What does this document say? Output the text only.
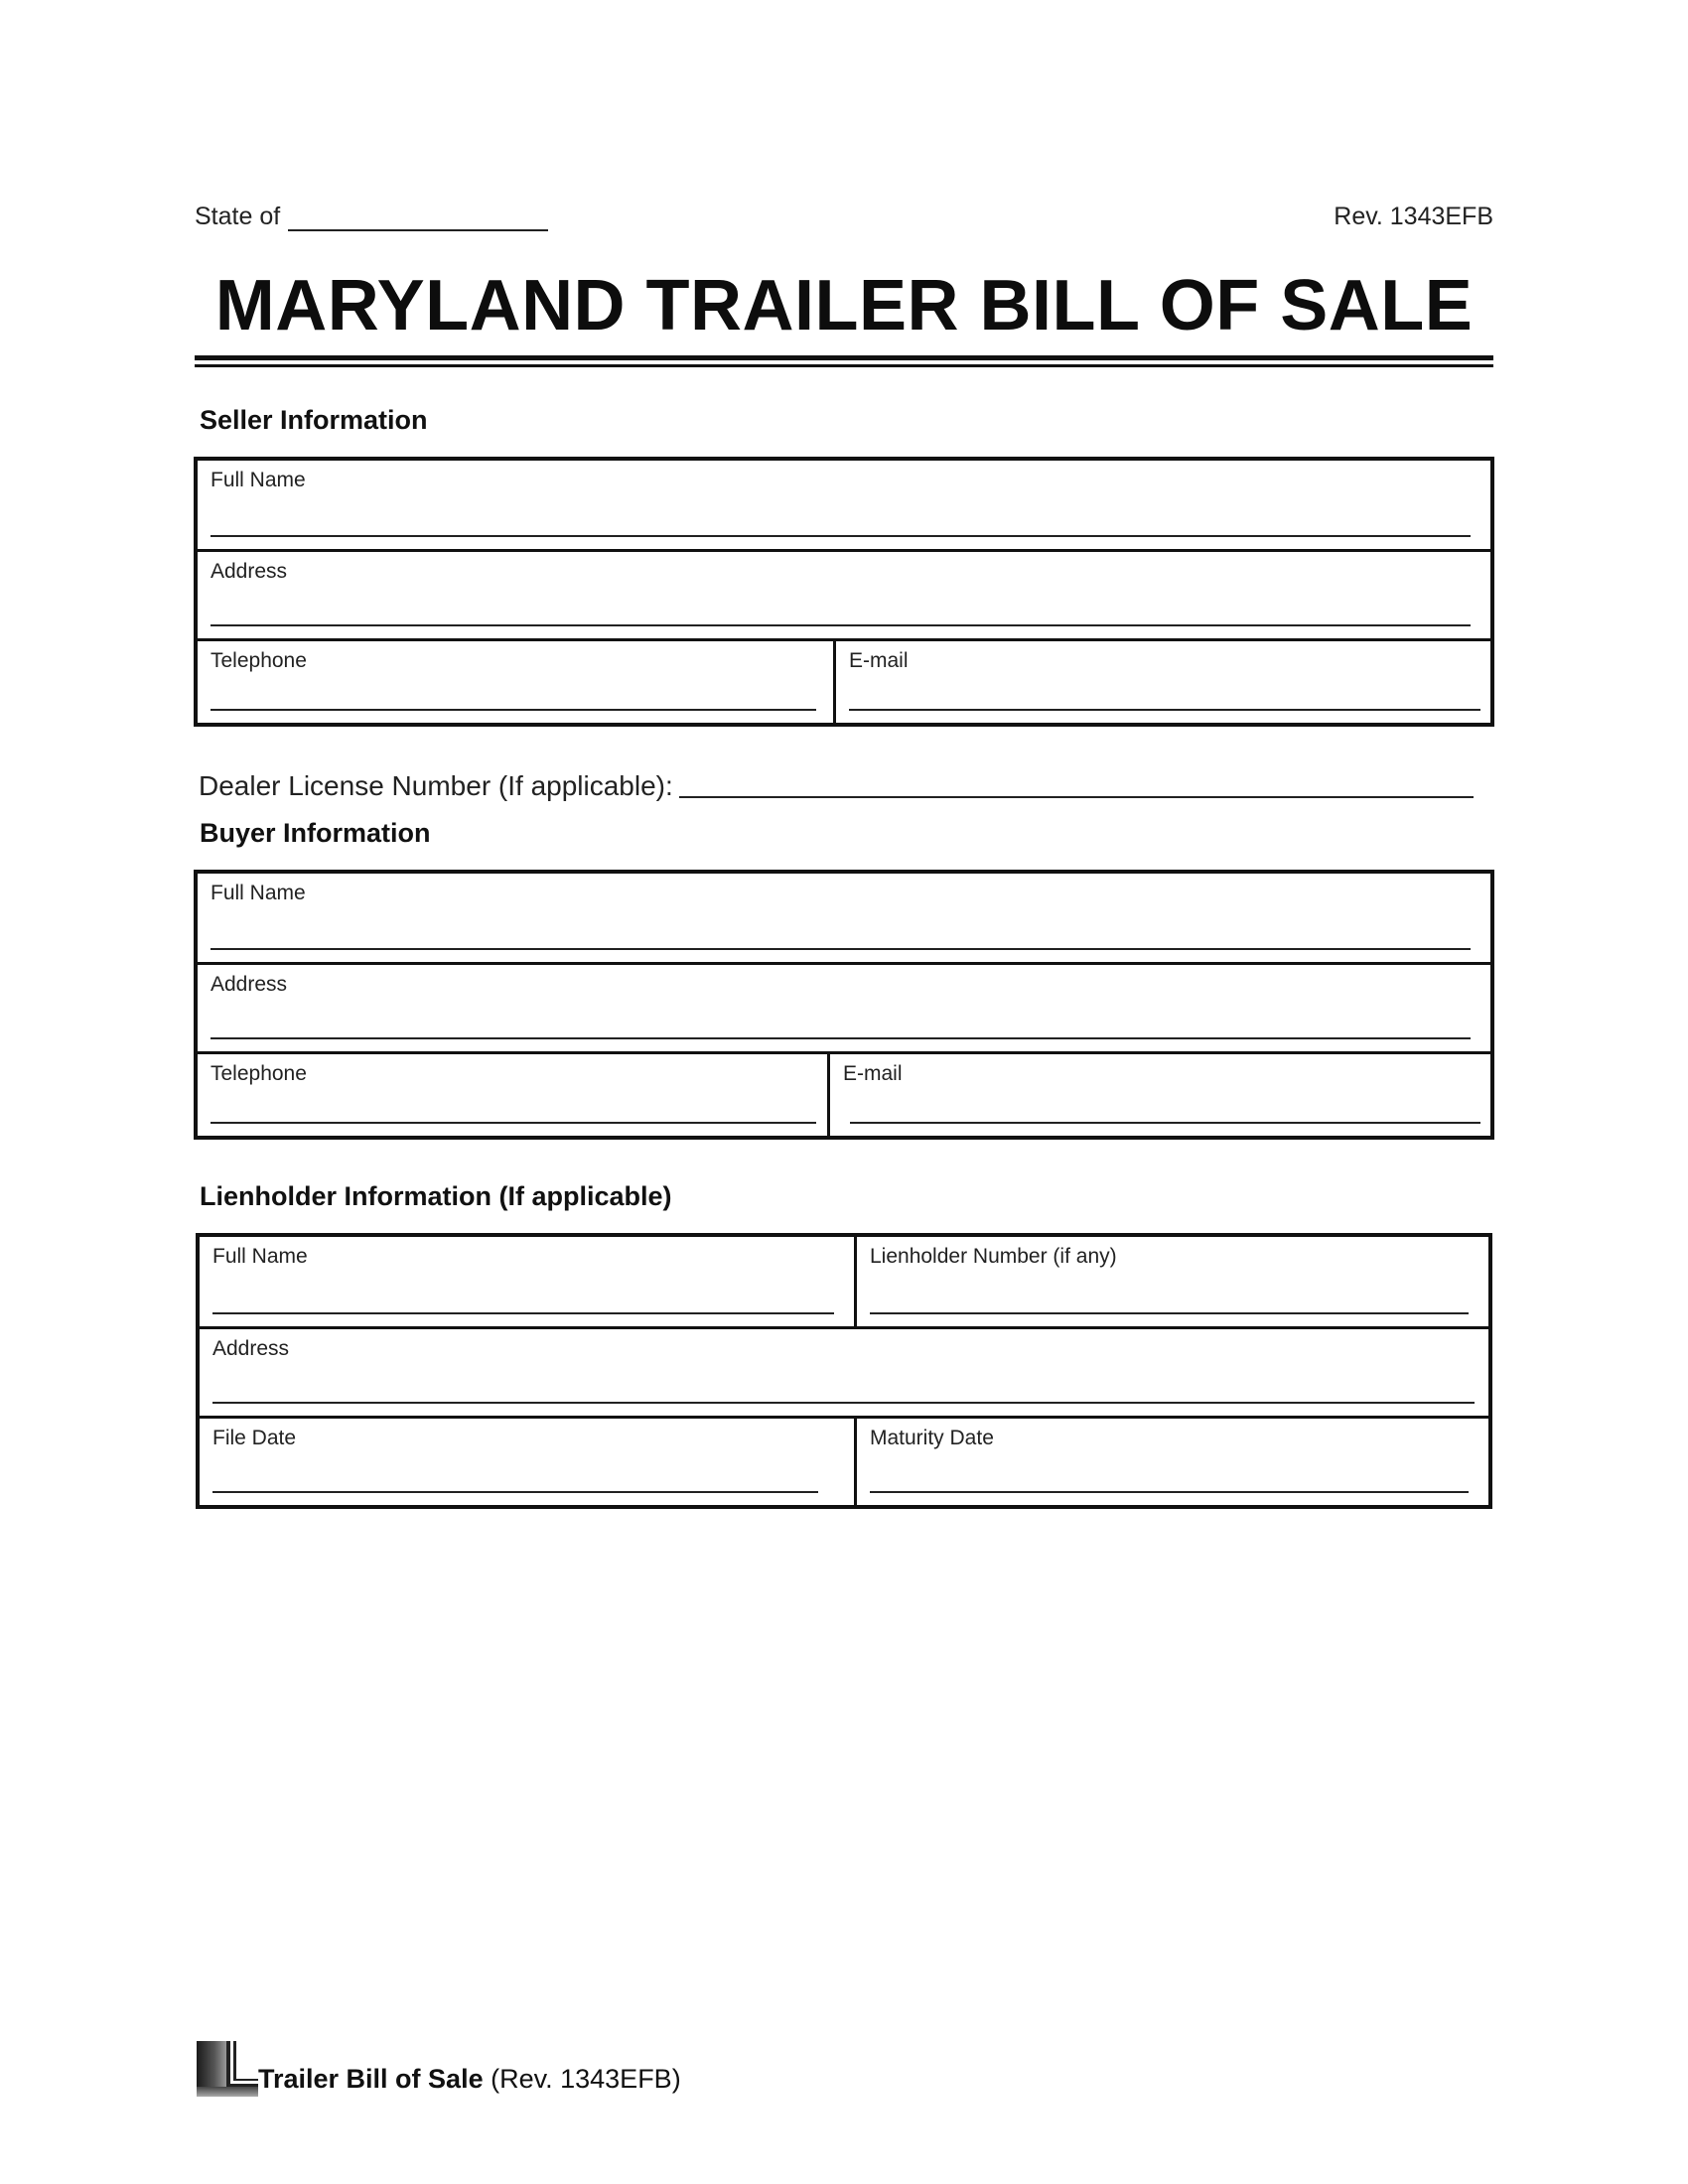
State of	Rev. 1343EFB
MARYLAND TRAILER BILL OF SALE
Seller Information
Full Name
Address
Telephone	E-mail
Dealer License Number (If applicable):
Buyer Information
Full Name
Address
Telephone	E-mail
Lienholder Information (If applicable)
Full Name	Lienholder Number (if any)
Address
File Date	Maturity Date
Trailer Bill of Sale (Rev. 1343EFB)
